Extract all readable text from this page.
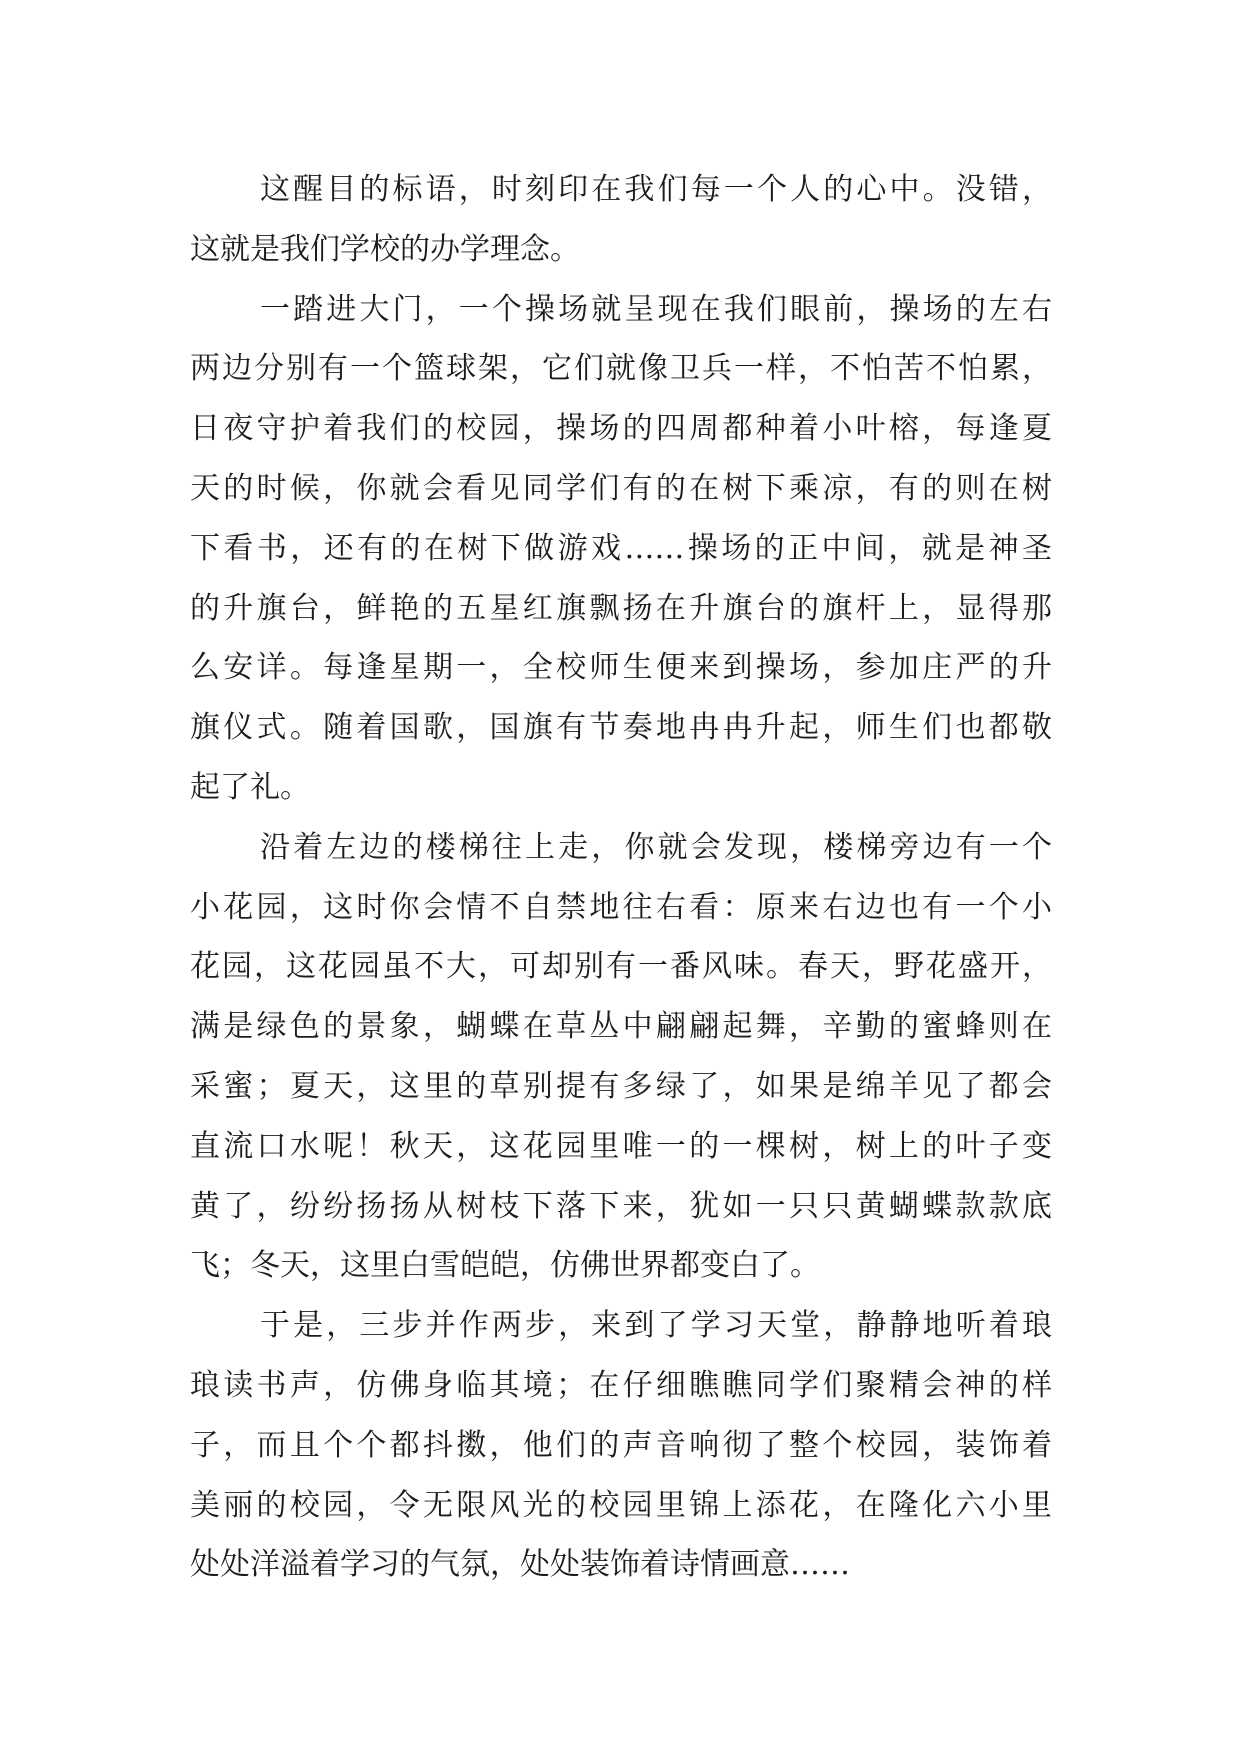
这醒目的标语，时刻印在我们每一个人的心中。没错，
这就是我们学校的办学理念。
一踏进大门，一个操场就呈现在我们眼前，操场的左右
两边分别有一个篮球架，它们就像卫兵一样，不怕苦不怕累，
日夜守护着我们的校园，操场的四周都种着小叶榕，每逢夏
天的时候，你就会看见同学们有的在树下乘凉，有的则在树
下看书，还有的在树下做游戏……操场的正中间，就是神圣
的升旗台，鲜艳的五星红旗飘扬在升旗台的旗杆上，显得那
么安详。每逢星期一，全校师生便来到操场，参加庄严的升
旗仪式。随着国歌，国旗有节奏地冉冉升起，师生们也都敬
起了礼。
沿着左边的楼梯往上走，你就会发现，楼梯旁边有一个
小花园，这时你会情不自禁地往右看：原来右边也有一个小
花园，这花园虽不大，可却别有一番风味。春天，野花盛开，
满是绿色的景象，蝴蝶在草丛中翩翩起舞，辛勤的蜜蜂则在
采蜜；夏天，这里的草别提有多绿了，如果是绵羊见了都会
直流口水呢！秋天，这花园里唯一的一棵树，树上的叶子变
黄了，纷纷扬扬从树枝下落下来，犹如一只只黄蝴蝶款款底
飞；冬天，这里白雪皑皑，仿佛世界都变白了。
于是，三步并作两步，来到了学习天堂，静静地听着琅
琅读书声，仿佛身临其境；在仔细瞧瞧同学们聚精会神的样
子，而且个个都抖擞，他们的声音响彻了整个校园，装饰着
美丽的校园，令无限风光的校园里锦上添花，在隆化六小里
处处洋溢着学习的气氛，处处装饰着诗情画意……
